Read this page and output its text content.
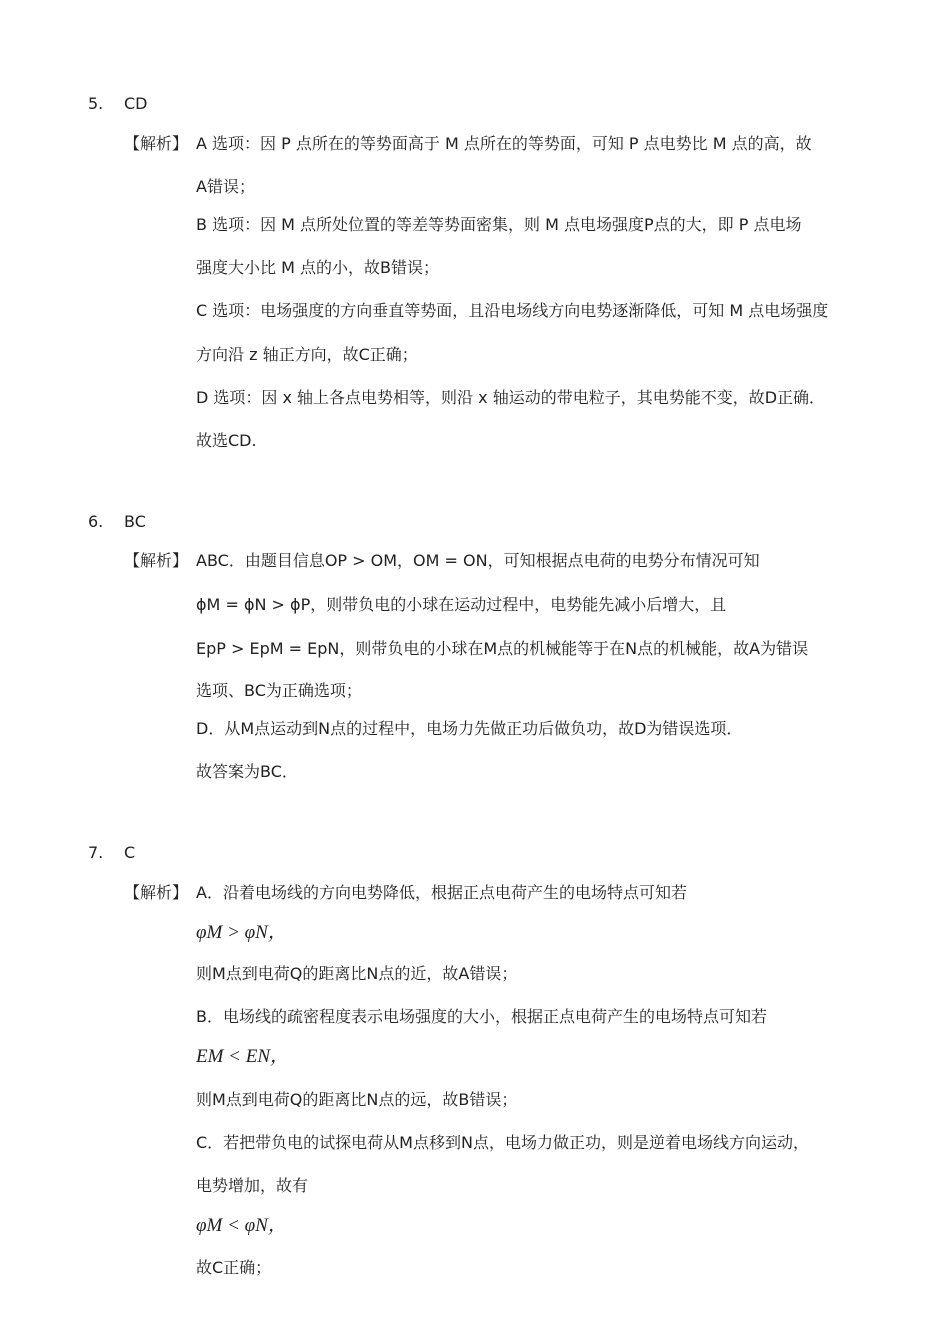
5. CD
【解析】 A 选项：因 P 点所在的等势面高于 M 点所在的等势面，可知 P 点电势比 M 点的高，故
A错误；
B 选项：因 M 点所处位置的等差等势面密集，则 M 点电场强度P点的大，即 P 点电场
强度大小比 M 点的小，故B错误；
C 选项：电场强度的方向垂直等势面，且沿电场线方向电势逐渐降低，可知 M 点电场强度
方向沿 z 轴正方向，故C正确；
D 选项：因 x 轴上各点电势相等，则沿 x 轴运动的带电粒子，其电势能不变，故D正确．
故选CD.
6. BC
【解析】 ABC．由题目信息OP > OM，OM = ON，可知根据点电荷的电势分布情况可知
ϕM = ϕN > ϕP，则带负电的小球在运动过程中，电势能先减小后增大，且
EpP > EpM = EpN，则带负电的小球在M点的机械能等于在N点的机械能，故A为错误
选项、BC为正确选项；
D．从M点运动到N点的过程中，电场力先做正功后做负功，故D为错误选项．
故答案为BC．
7. C
【解析】 A．沿着电场线的方向电势降低，根据正点电荷产生的电场特点可知若
φM > φN，
则M点到电荷Q的距离比N点的近，故A错误；
B．电场线的疏密程度表示电场强度的大小，根据正点电荷产生的电场特点可知若
EM < EN，
则M点到电荷Q的距离比N点的远，故B错误；
C．若把带负电的试探电荷从M点移到N点，电场力做正功，则是逆着电场线方向运动，
电势增加，故有
φM < φN，
故C正确；
